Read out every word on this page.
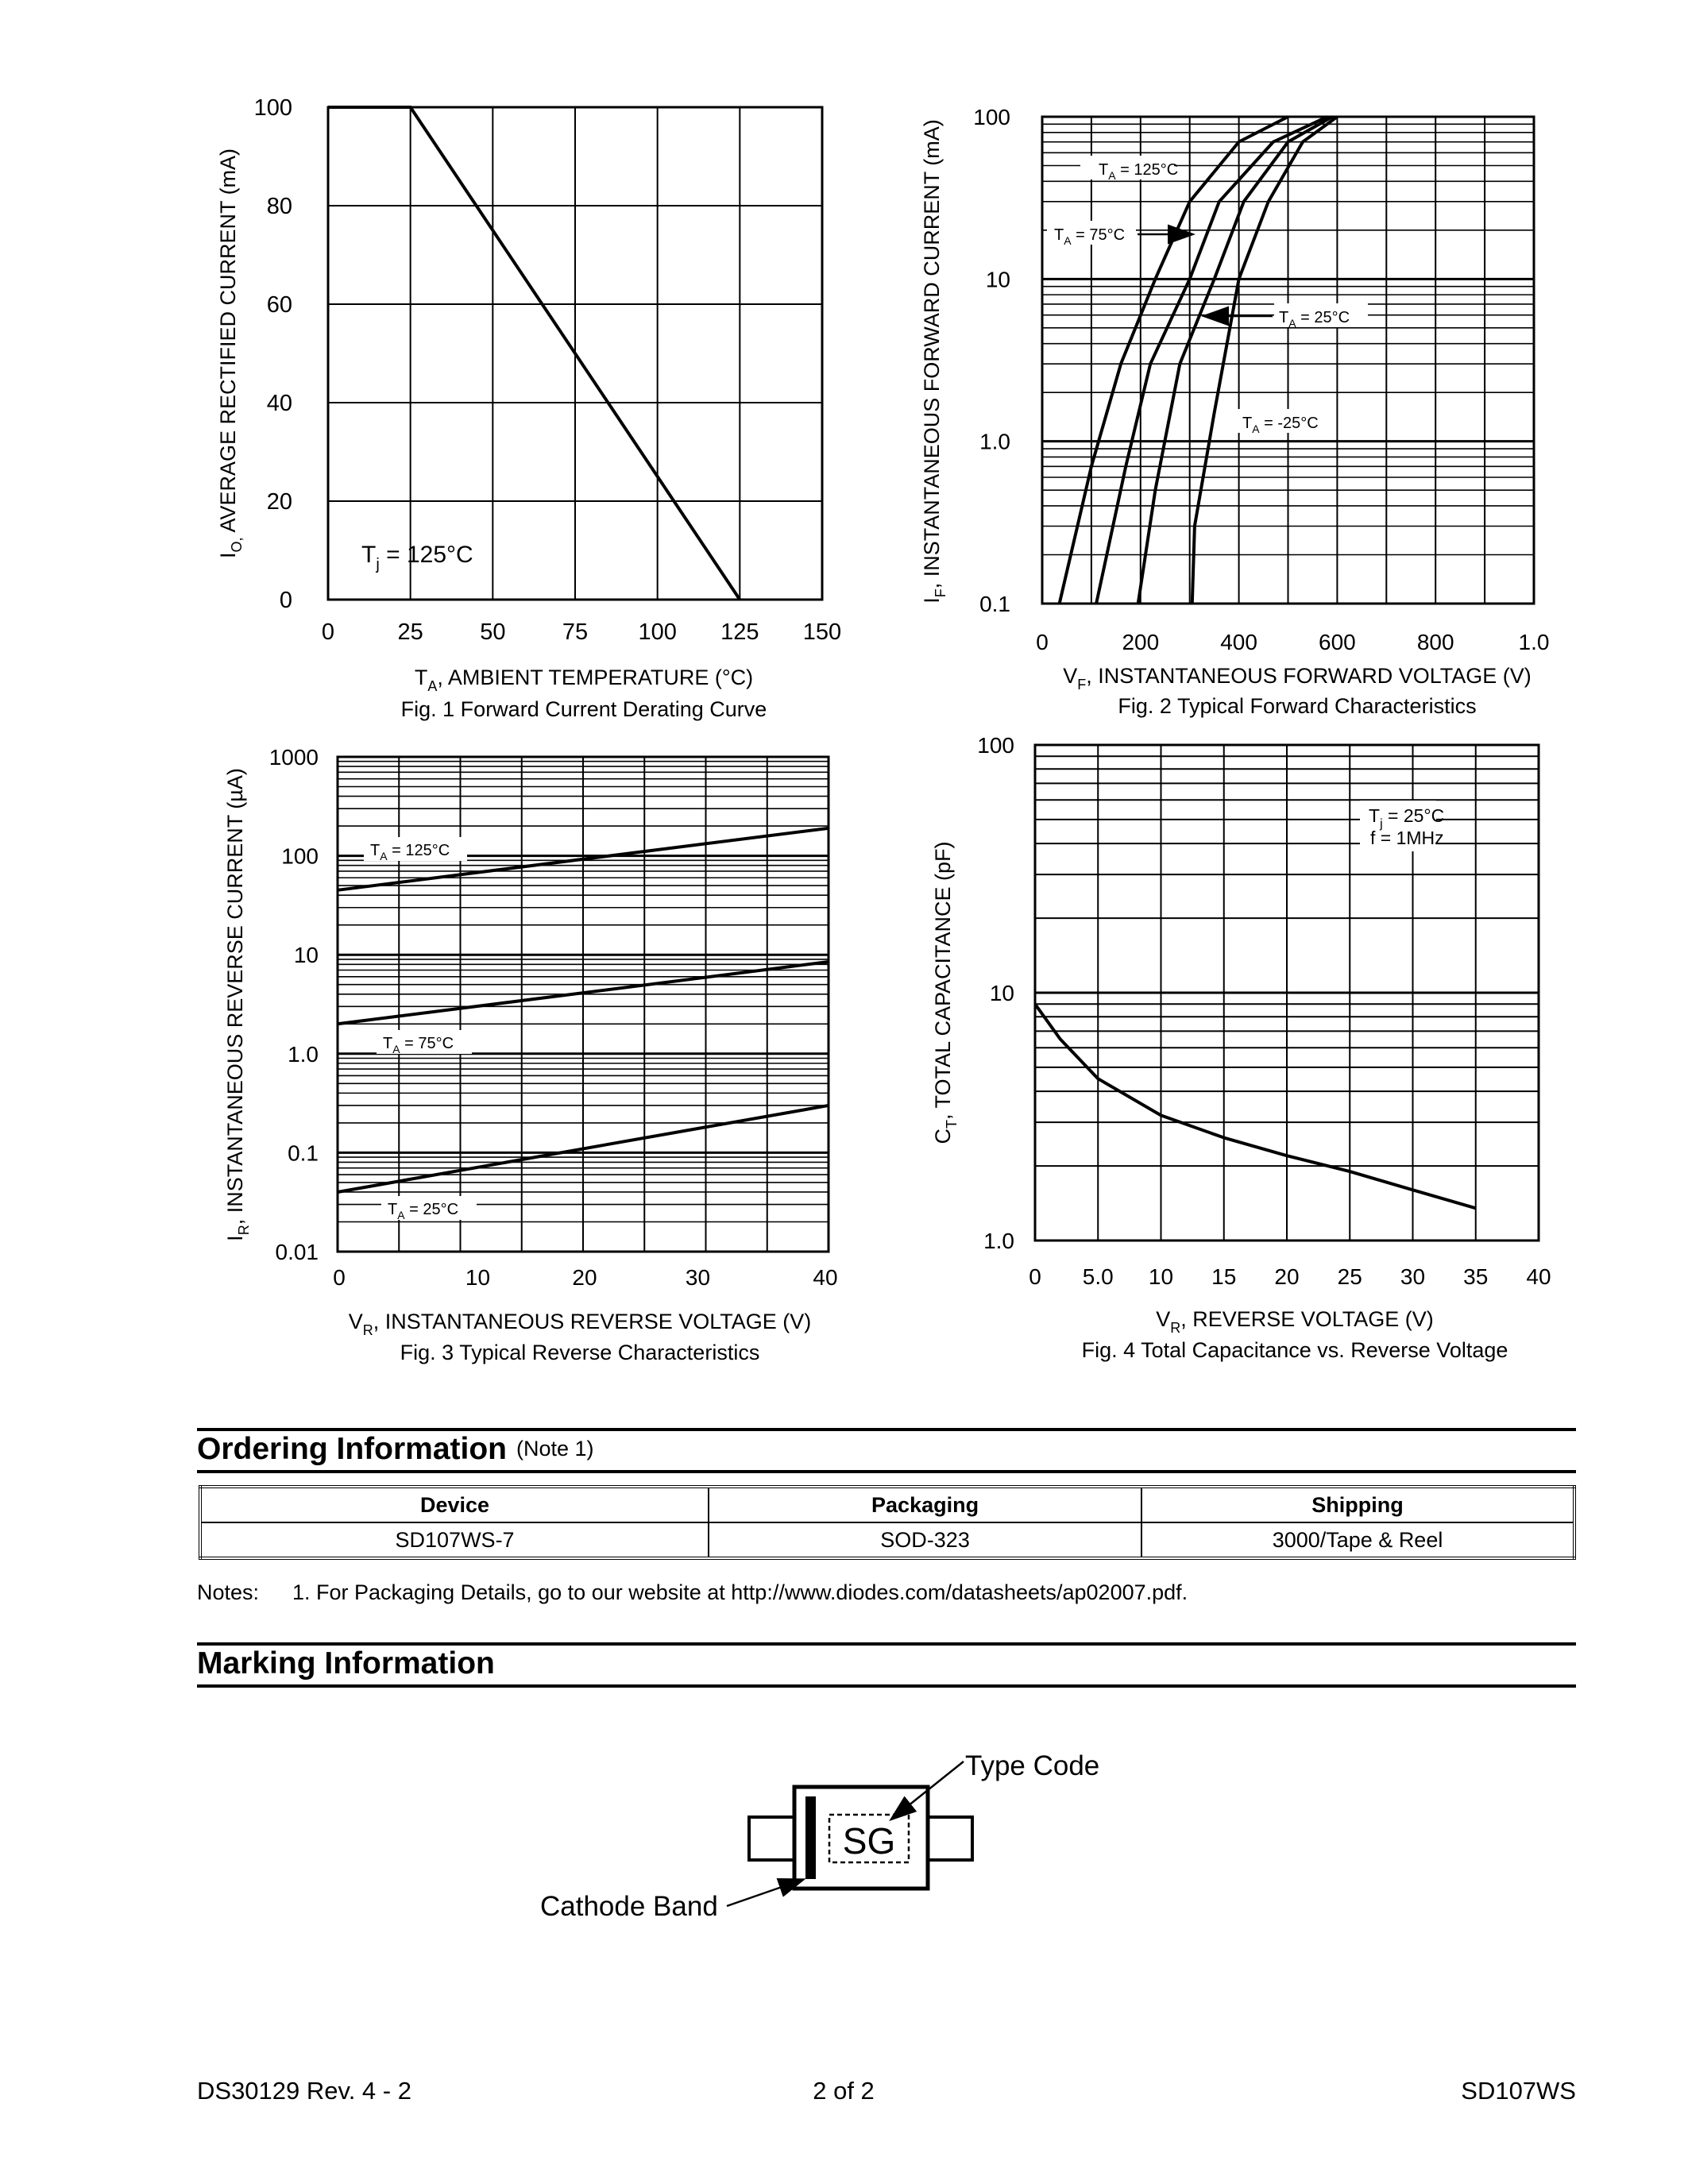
0	25 50 75 100 125 150
0
20
40
60
80
100
$T_j = 125^\circ C$
$I_{O,}$ AVERAGE RECTIFIED CURRENT (mA)
$T_A$, AMBIENT TEMPERATURE (°C)
Fig. 1 Forward Current Derating Curve
0	200	400	600	800	1.0
0.1
1.0
10
100
$T_A = 125^\circ C$
$T_A = 75^\circ C$
$T_A = 25^\circ C$
$T_A = -25^\circ C$
$I_F$, INSTANTANEOUS FORWARD CURRENT (mA)
$V_F$, INSTANTANEOUS FORWARD VOLTAGE (V)
Fig. 2 Typical Forward Characteristics
0	10	20	30	40
0.01
0.1
1.0
10
100
1000
$T_A = 125^\circ C$
$T_A = 75^\circ C$
$T_A = 25^\circ C$
$I_R$, INSTANTANEOUS REVERSE CURRENT (µA)
$V_R$, INSTANTANEOUS REVERSE VOLTAGE (V)
Fig. 3 Typical Reverse Characteristics
0 5.0 10 15 20 25 30 35 40
1.0
10
100
$T_j = 25^\circ C$
f = 1MHz
$C_T$, TOTAL CAPACITANCE (pF)
$V_R$, REVERSE VOLTAGE (V)
Fig. 4 Total Capacitance vs. Reverse Voltage
SG
Type Code
Cathode Band
Ordering Information (Note 1)
Device	Packaging	Shipping
SD107WS-7	SOD-323	3000/Tape & Reel
Notes: 1. For Packaging Details, go to our website at http://www.diodes.com/datasheets/ap02007.pdf.
Marking Information
DS30129 Rev. 4 - 2	2 of 2	SD107WS
